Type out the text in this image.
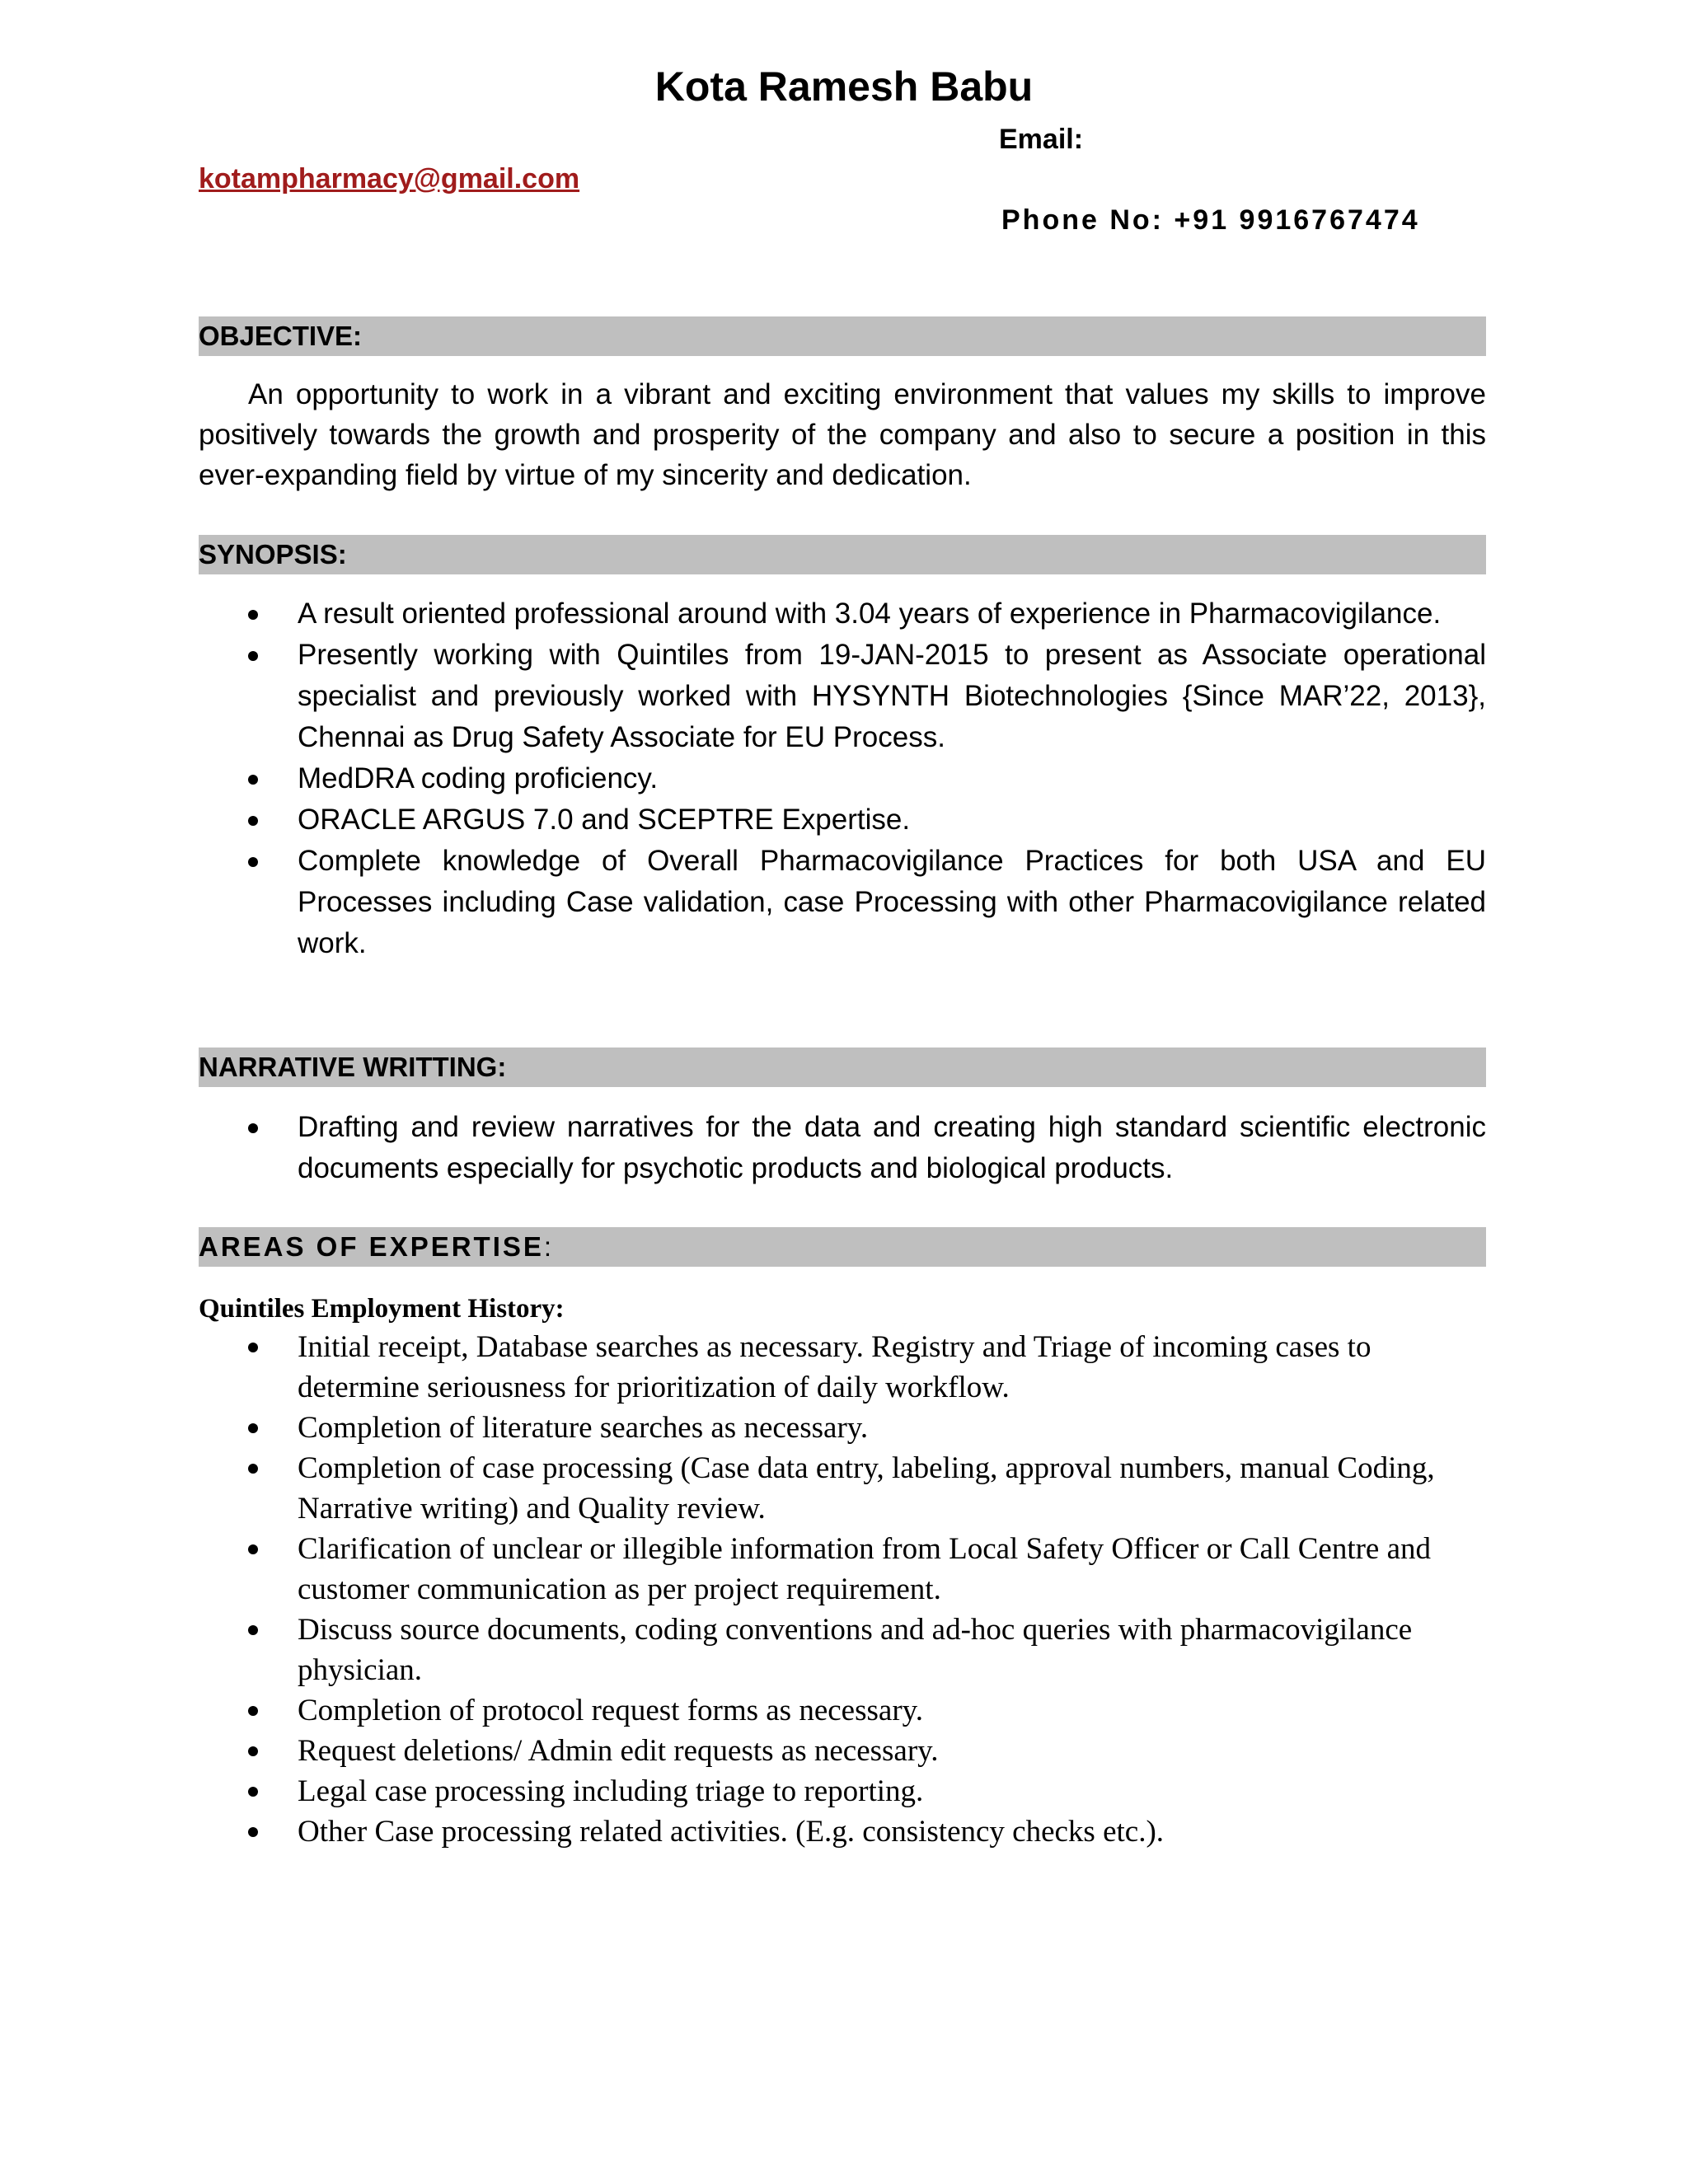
Kota Ramesh Babu
Email:
kotampharmacy@gmail.com
Phone No: +91 9916767474
OBJECTIVE:
An opportunity to work in a vibrant and exciting environment that values my skills to improve positively towards the growth and prosperity of the company and also to secure a position in this ever-expanding field by virtue of my sincerity and dedication.
SYNOPSIS:
A result oriented professional around with 3.04 years of experience in Pharmacovigilance.
Presently working with Quintiles from 19-JAN-2015 to present as Associate operational specialist and previously worked with HYSYNTH Biotechnologies {Since MAR’22, 2013}, Chennai as Drug Safety Associate for EU Process.
MedDRA coding proficiency.
ORACLE ARGUS 7.0 and SCEPTRE Expertise.
Complete knowledge of Overall Pharmacovigilance Practices for both USA and EU Processes including Case validation, case Processing with other Pharmacovigilance related work.
NARRATIVE WRITTING:
Drafting and review narratives for the data and creating high standard scientific electronic documents especially for psychotic products and biological products.
AREAS OF EXPERTISE:
Quintiles Employment History:
Initial receipt, Database searches as necessary. Registry and Triage of incoming cases to determine seriousness for prioritization of daily workflow.
Completion of literature searches as necessary.
Completion of case processing (Case data entry, labeling, approval numbers, manual Coding, Narrative writing) and Quality review.
Clarification of unclear or illegible information from Local Safety Officer or Call Centre and customer communication as per project requirement.
Discuss source documents, coding conventions and ad-hoc queries with pharmacovigilance physician.
Completion of protocol request forms as necessary.
Request deletions/ Admin edit requests as necessary.
Legal case processing including triage to reporting.
Other Case processing related activities. (E.g. consistency checks etc.).
